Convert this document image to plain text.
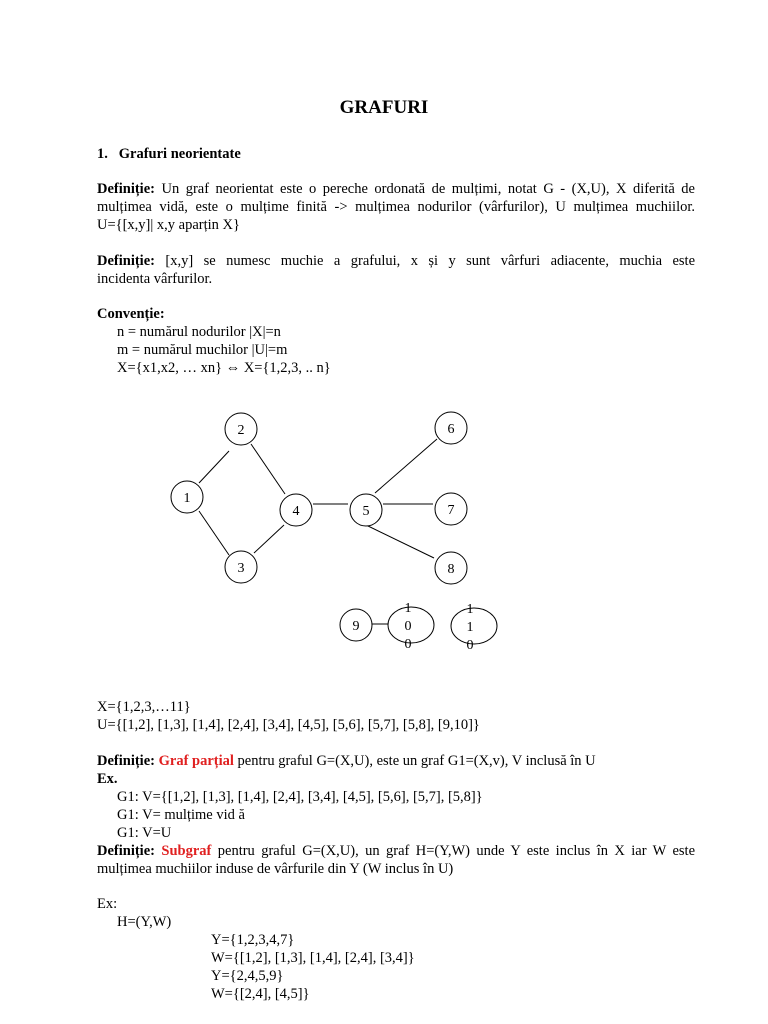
GRAFURI
1. Grafuri neorientate
Definiție: Un graf neorientat este o pereche ordonată de mulțimi, notat G - (X,U), X diferită de
mulțimea vidă, este o mulțime finită -> mulțimea nodurilor (vârfurilor), U mulțimea muchiilor.
U={[x,y]| x,y aparțin X}
Definiție: [x,y] se numesc muchie a grafului, x și y sunt vârfuri adiacente, muchia este
incidenta vârfurilor.
Convenție:
n = numărul nodurilor |X|=n
m = numărul muchilor |U|=m
X={x1,x2, … xn} ⇔ X={1,2,3, .. n}
1
2
3
4	5
6
7
8
9
1
0
0
1
1
0
X={1,2,3,…11}
U={[1,2], [1,3], [1,4], [2,4], [3,4], [4,5], [5,6], [5,7], [5,8], [9,10]}
Definiție: Graf parțial pentru graful G=(X,U), este un graf G1=(X,v), V inclusă în U
Ex.
G1: V={[1,2], [1,3], [1,4], [2,4], [3,4], [4,5], [5,6], [5,7], [5,8]}
G1: V= mulțime vid ă
G1: V=U
Definiție: Subgraf pentru graful G=(X,U), un graf H=(Y,W) unde Y este inclus în X iar W este
mulțimea muchiilor induse de vârfurile din Y (W inclus în U)
Ex:
H=(Y,W)
Y={1,2,3,4,7}
W={[1,2], [1,3], [1,4], [2,4], [3,4]}
Y={2,4,5,9}
W={[2,4], [4,5]}
